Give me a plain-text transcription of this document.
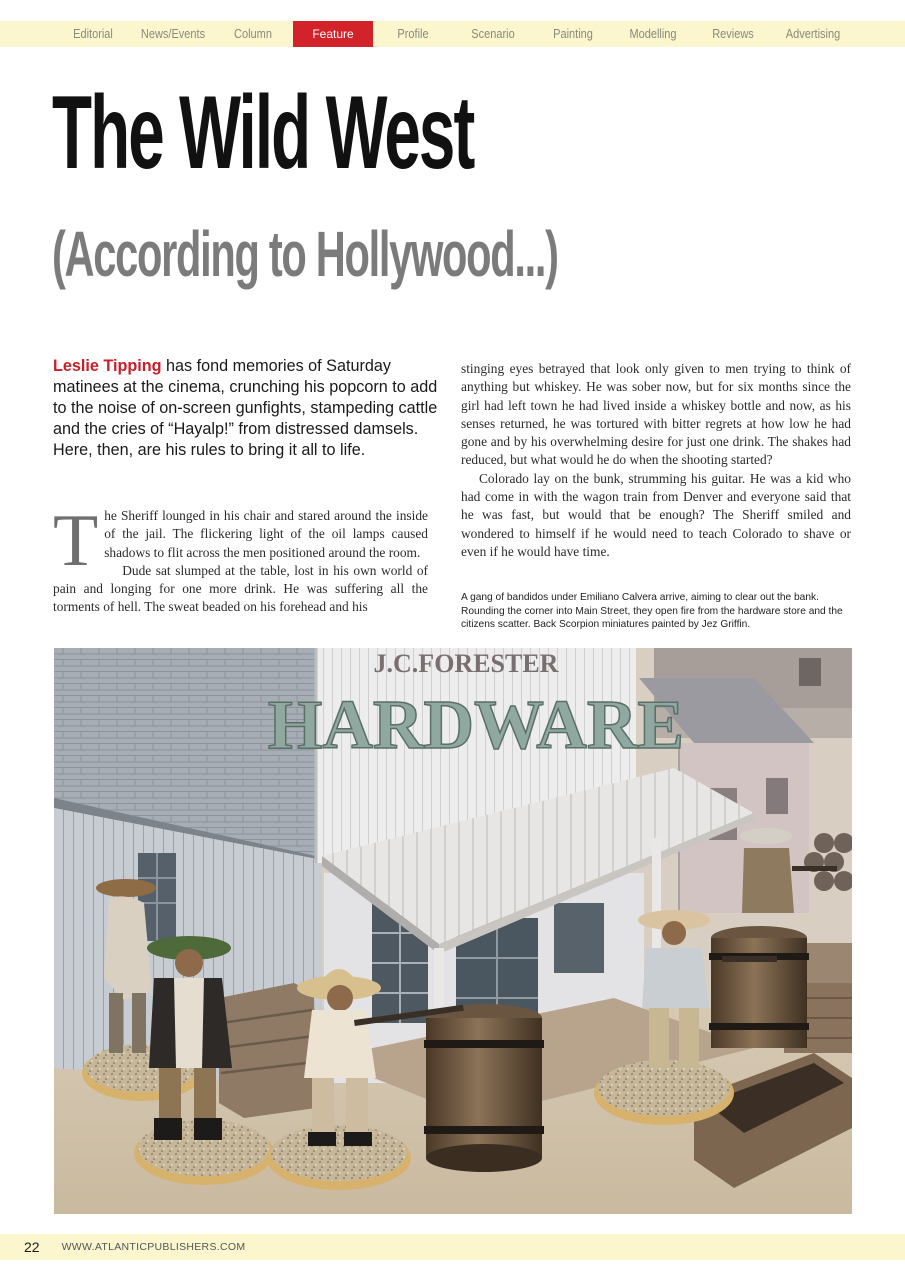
Editorial	News/Events	Column	Feature	Profile	Scenario	Painting	Modelling	Reviews	Advertising
The Wild West
(According to Hollywood...)

Leslie Tipping has fond memories of Saturday matinees at the cinema, crunching his popcorn to add to the noise of on-screen gunfights, stampeding cattle and the cries of “Hayalp!” from distressed damsels. Here, then, are his rules to bring it all to life.

The Sheriff lounged in his chair and stared around the inside of the jail. The flickering light of the oil lamps caused shadows to flit across the men positioned around the room.

Dude sat slumped at the table, lost in his own world of pain and longing for one more drink. He was suffering all the torments of hell. The sweat beaded on his forehead and his

stinging eyes betrayed that look only given to men trying to think of anything but whiskey. He was sober now, but for six months since the girl had left town he had lived inside a whiskey bottle and now, as his senses returned, he was tortured with bitter regrets at how low he had gone and by his overwhelming desire for just one drink. The shakes had reduced, but what would he do when the shooting started?

Colorado lay on the bunk, strumming his guitar. He was a kid who had come in with the wagon train from Denver and everyone said that he was fast, but would that be enough? The Sheriff smiled and wondered to himself if he would need to teach Colorado to shave or even if he would have time.

A gang of bandidos under Emiliano Calvera arrive, aiming to clear out the bank. Rounding the corner into Main Street, they open fire from the hardware store and the citizens scatter. Back Scorpion miniatures painted by Jez Griffin.

J.C.FORESTER
HARDWARE
22 WWW.ATLANTICPUBLISHERS.COM
